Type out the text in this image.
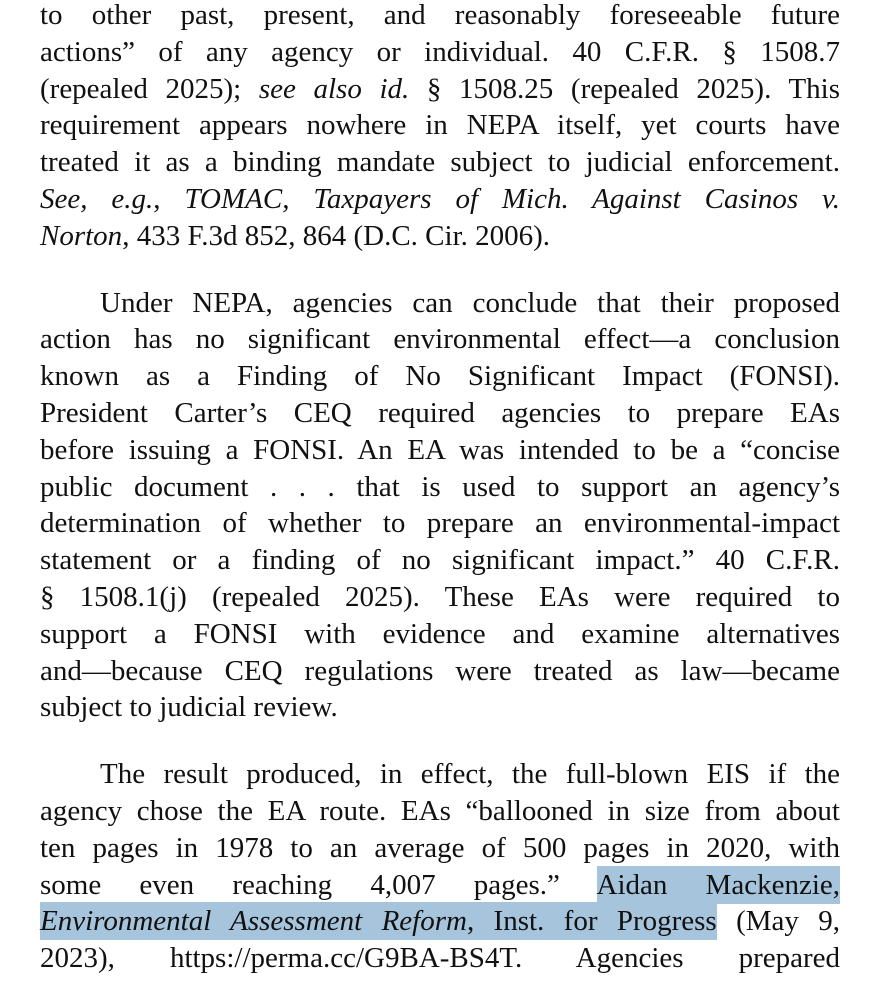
to other past, present, and reasonably foreseeable future
actions” of any agency or individual. 40 C.F.R. § 1508.7
(repealed 2025); see also id. § 1508.25 (repealed 2025). This
requirement appears nowhere in NEPA itself, yet courts have
treated it as a binding mandate subject to judicial enforcement.
See, e.g., TOMAC, Taxpayers of Mich. Against Casinos v.
Norton, 433 F.3d 852, 864 (D.C. Cir. 2006).
Under NEPA, agencies can conclude that their proposed
action has no significant environmental effect—a conclusion
known as a Finding of No Significant Impact (FONSI).
President Carter’s CEQ required agencies to prepare EAs
before issuing a FONSI. An EA was intended to be a “concise
public document . . . that is used to support an agency’s
determination of whether to prepare an environmental-impact
statement or a finding of no significant impact.” 40 C.F.R.
§ 1508.1(j) (repealed 2025). These EAs were required to
support a FONSI with evidence and examine alternatives
and—because CEQ regulations were treated as law—became
subject to judicial review.
The result produced, in effect, the full-blown EIS if the
agency chose the EA route. EAs “ballooned in size from about
ten pages in 1978 to an average of 500 pages in 2020, with
some even reaching 4,007 pages.” Aidan Mackenzie,
Environmental Assessment Reform, Inst. for Progress (May 9,
2023), https://perma.cc/G9BA-BS4T. Agencies prepared
